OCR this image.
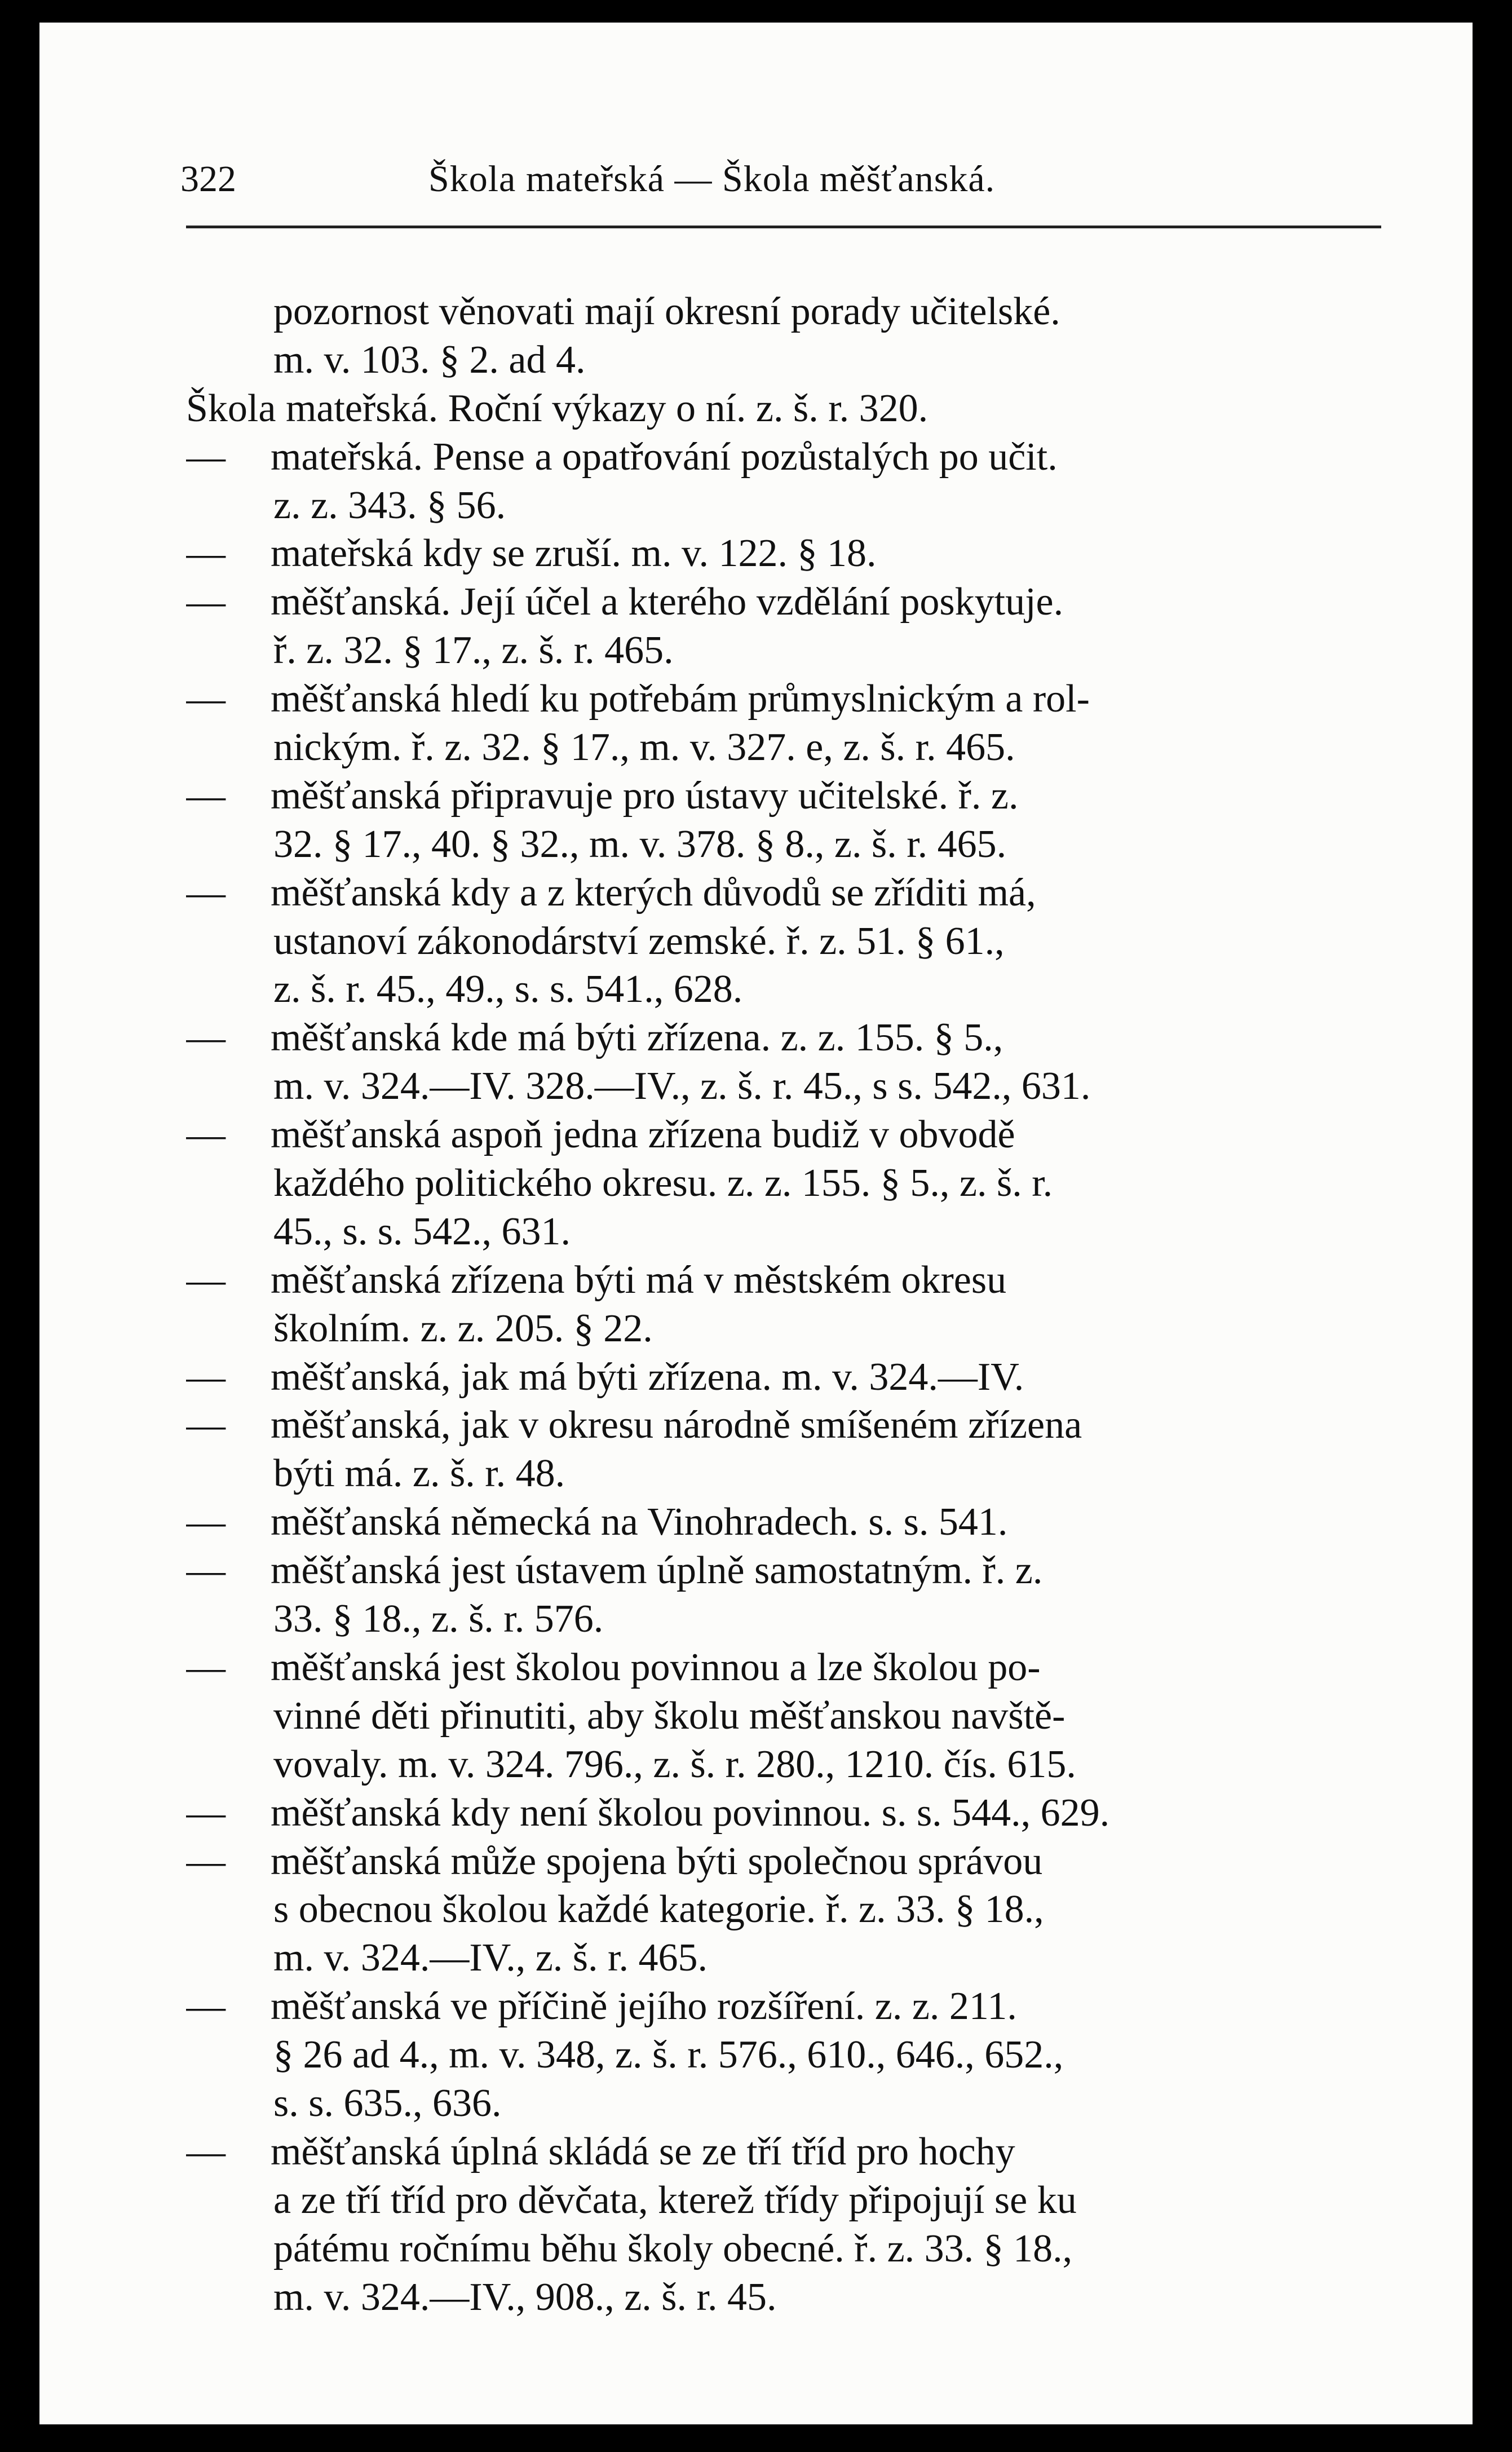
322	Škola mateřská — Škola měšťanská.
pozornost věnovati mají okresní porady učitelské.
m. v. 103. § 2. ad 4.
Škola mateřská. Roční výkazy o ní. z. š. r. 320.
— mateřská. Pense a opatřování pozůstalých po učit.
z. z. 343. § 56.
— mateřská kdy se zruší. m. v. 122. § 18.
— měšťanská. Její účel a kterého vzdělání poskytuje.
ř. z. 32. § 17., z. š. r. 465.
— měšťanská hledí ku potřebám průmyslnickým a rol-
nickým. ř. z. 32. § 17., m. v. 327. e, z. š. r. 465.
— měšťanská připravuje pro ústavy učitelské. ř. z.
32. § 17., 40. § 32., m. v. 378. § 8., z. š. r. 465.
— měšťanská kdy a z kterých důvodů se zříditi má,
ustanoví zákonodárství zemské. ř. z. 51. § 61.,
z. š. r. 45., 49., s. s. 541., 628.
— měšťanská kde má býti zřízena. z. z. 155. § 5.,
m. v. 324.—IV. 328.—IV., z. š. r. 45., s s. 542., 631.
— měšťanská aspoň jedna zřízena budiž v obvodě
každého politického okresu. z. z. 155. § 5., z. š. r.
45., s. s. 542., 631.
— měšťanská zřízena býti má v městském okresu
školním. z. z. 205. § 22.
— měšťanská, jak má býti zřízena. m. v. 324.—IV.
— měšťanská, jak v okresu národně smíšeném zřízena
býti má. z. š. r. 48.
— měšťanská německá na Vinohradech. s. s. 541.
— měšťanská jest ústavem úplně samostatným. ř. z.
33. § 18., z. š. r. 576.
— měšťanská jest školou povinnou a lze školou po-
vinné děti přinutiti, aby školu měšťanskou navště-
vovaly. m. v. 324. 796., z. š. r. 280., 1210. čís. 615.
— měšťanská kdy není školou povinnou. s. s. 544., 629.
— měšťanská může spojena býti společnou správou
s obecnou školou každé kategorie. ř. z. 33. § 18.,
m. v. 324.—IV., z. š. r. 465.
— měšťanská ve příčině jejího rozšíření. z. z. 211.
§ 26 ad 4., m. v. 348, z. š. r. 576., 610., 646., 652.,
s. s. 635., 636.
— měšťanská úplná skládá se ze tří tříd pro hochy
a ze tří tříd pro děvčata, kterež třídy připojují se ku
pátému ročnímu běhu školy obecné. ř. z. 33. § 18.,
m. v. 324.—IV., 908., z. š. r. 45.
